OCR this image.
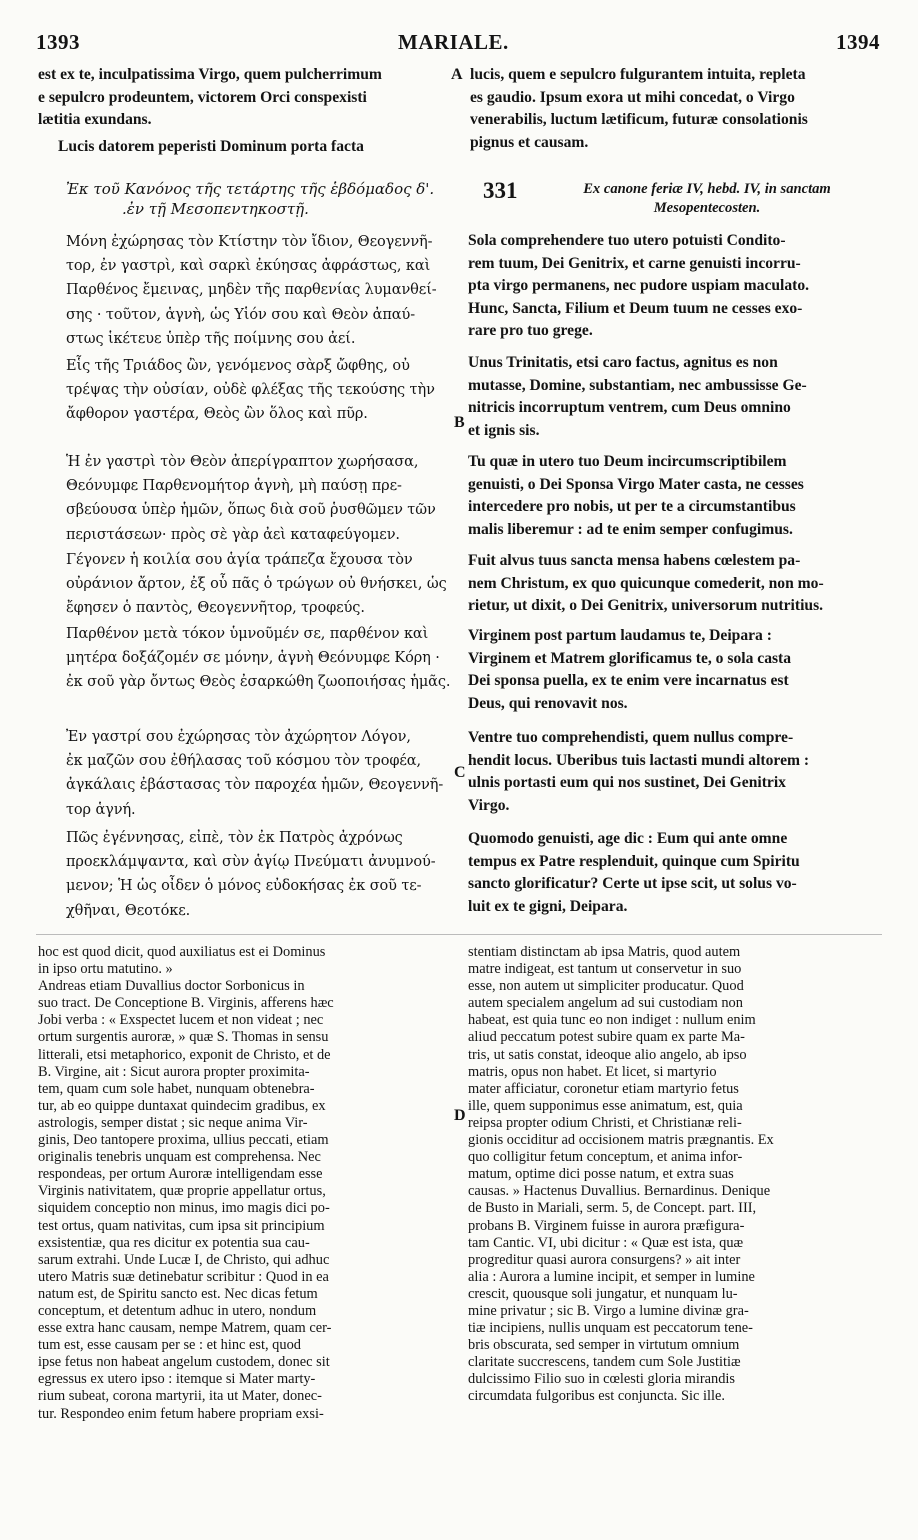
1393	MARIALE.	1394
A
B
C
D
est ex te, inculpatissima Virgo, quem pulcherrimum
e sepulcro prodeuntem, victorem Orci conspexisti
lætitia exundans.
Lucis datorem peperisti Dominum porta facta
lucis, quem e sepulcro fulgurantem intuita, repleta
es gaudio. Ipsum exora ut mihi concedat, o Virgo
venerabilis, luctum lætificum, futuræ consolationis
pignus et causam.
Ἐκ τοῦ Κανόνος τῆς τετάρτης τῆς ἑβδόμαδος δ'.
.ἐν τῇ Μεσοπεντηκοστῇ.
331	Ex canone feriæ IV, hebd. IV, in sanctam
Mesopentecosten.
Μόνη ἐχώρησας τὸν Κτίστην τὸν ἴδιον, Θεογεννῆ-
τορ, ἐν γαστρὶ, καὶ σαρκὶ ἐκύησας ἀφράστως, καὶ
Παρθένος ἔμεινας, μηδὲν τῆς παρθενίας λυμανθεί-
σης · τοῦτον, ἁγνὴ, ὡς Υἱόν σου καὶ Θεὸν ἀπαύ-
στως ἱκέτευε ὑπὲρ τῆς ποίμνης σου ἀεί.
Εἷς τῆς Τριάδος ὢν, γενόμενος σὰρξ ὤφθης, οὐ
τρέψας τὴν οὐσίαν, οὐδὲ φλέξας τῆς τεκούσης τὴν
ἄφθορον γαστέρα, Θεὸς ὢν ὅλος καὶ πῦρ.
Ἡ ἐν γαστρὶ τὸν Θεὸν ἀπερίγραπτον χωρήσασα,
Θεόνυμφε Παρθενομήτορ ἁγνὴ, μὴ παύσῃ πρε-
σβεύουσα ὑπὲρ ἡμῶν, ὅπως διὰ σοῦ ῥυσθῶμεν τῶν
περιστάσεων· πρὸς σὲ γὰρ ἀεὶ καταφεύγομεν.
Γέγονεν ἡ κοιλία σου ἁγία τράπεζα ἔχουσα τὸν
οὐράνιον ἄρτον, ἐξ οὗ πᾶς ὁ τρώγων οὐ θνήσκει, ὡς
ἔφησεν ὁ παντὸς, Θεογεννῆτορ, τροφεύς.
Παρθένον μετὰ τόκον ὑμνοῦμέν σε, παρθένον καὶ
μητέρα δοξάζομέν σε μόνην, ἁγνὴ Θεόνυμφε Κόρη ·
ἐκ σοῦ γὰρ ὄντως Θεὸς ἐσαρκώθη ζωοποιήσας ἡμᾶς.
Ἐν γαστρί σου ἐχώρησας τὸν ἀχώρητον Λόγον,
ἐκ μαζῶν σου ἐθήλασας τοῦ κόσμου τὸν τροφέα,
ἀγκάλαις ἐβάστασας τὸν παροχέα ἡμῶν, Θεογεννῆ-
τορ ἁγνή.
Πῶς ἐγέννησας, εἰπὲ, τὸν ἐκ Πατρὸς ἀχρόνως
προεκλάμψαντα, καὶ σὺν ἁγίῳ Πνεύματι ἀνυμνού-
μενον; Ἡ ὡς οἶδεν ὁ μόνος εὐδοκήσας ἐκ σοῦ τε-
χθῆναι, Θεοτόκε.
Sola comprehendere tuo utero potuisti Condito-
rem tuum, Dei Genitrix, et carne genuisti incorru-
pta virgo permanens, nec pudore uspiam maculato.
Hunc, Sancta, Filium et Deum tuum ne cesses exo-
rare pro tuo grege.
Unus Trinitatis, etsi caro factus, agnitus es non
mutasse, Domine, substantiam, nec ambussisse Ge-
nitricis incorruptum ventrem, cum Deus omnino
et ignis sis.
Tu quæ in utero tuo Deum incircumscriptibilem
genuisti, o Dei Sponsa Virgo Mater casta, ne cesses
intercedere pro nobis, ut per te a circumstantibus
malis liberemur : ad te enim semper confugimus.
Fuit alvus tuus sancta mensa habens cœlestem pa-
nem Christum, ex quo quicunque comederit, non mo-
rietur, ut dixit, o Dei Genitrix, universorum nutritius.
Virginem post partum laudamus te, Deipara :
Virginem et Matrem glorificamus te, o sola casta
Dei sponsa puella, ex te enim vere incarnatus est
Deus, qui renovavit nos.
Ventre tuo comprehendisti, quem nullus compre-
hendit locus. Uberibus tuis lactasti mundi altorem :
ulnis portasti eum qui nos sustinet, Dei Genitrix
Virgo.
Quomodo genuisti, age dic : Eum qui ante omne
tempus ex Patre resplenduit, quinque cum Spiritu
sancto glorificatur? Certe ut ipse scit, ut solus vo-
luit ex te gigni, Deipara.
hoc est quod dicit, quod auxiliatus est ei Dominus
in ipso ortu matutino. »
Andreas etiam Duvallius doctor Sorbonicus in
suo tract. De Conceptione B. Virginis, afferens hæc
Jobi verba : « Exspectet lucem et non videat ; nec
ortum surgentis auroræ, » quæ S. Thomas in sensu
litterali, etsi metaphorico, exponit de Christo, et de
B. Virgine, ait : Sicut aurora propter proximita-
tem, quam cum sole habet, nunquam obtenebra-
tur, ab eo quippe duntaxat quindecim gradibus, ex
astrologis, semper distat ; sic neque anima Vir-
ginis, Deo tantopere proxima, ullius peccati, etiam
originalis tenebris unquam est comprehensa. Nec
respondeas, per ortum Auroræ intelligendam esse
Virginis nativitatem, quæ proprie appellatur ortus,
siquidem conceptio non minus, imo magis dici po-
test ortus, quam nativitas, cum ipsa sit principium
exsistentiæ, qua res dicitur ex potentia sua cau-
sarum extrahi. Unde Lucæ I, de Christo, qui adhuc
utero Matris suæ detinebatur scribitur : Quod in ea
natum est, de Spiritu sancto est. Nec dicas fetum
conceptum, et detentum adhuc in utero, nondum
esse extra hanc causam, nempe Matrem, quam cer-
tum est, esse causam per se : et hinc est, quod
ipse fetus non habeat angelum custodem, donec sit
egressus ex utero ipso : itemque si Mater marty-
rium subeat, corona martyrii, ita ut Mater, donec-
tur. Respondeo enim fetum habere propriam exsi-
stentiam distinctam ab ipsa Matris, quod autem
matre indigeat, est tantum ut conservetur in suo
esse, non autem ut simpliciter producatur. Quod
autem specialem angelum ad sui custodiam non
habeat, est quia tunc eo non indiget : nullum enim
aliud peccatum potest subire quam ex parte Ma-
tris, ut satis constat, ideoque alio angelo, ab ipso
matris, opus non habet. Et licet, si martyrio
mater afficiatur, coronetur etiam martyrio fetus
ille, quem supponimus esse animatum, est, quia
reipsa propter odium Christi, et Christianæ reli-
gionis occiditur ad occisionem matris prægnantis. Ex
quo colligitur fetum conceptum, et anima infor-
matum, optime dici posse natum, et extra suas
causas. » Hactenus Duvallius. Bernardinus. Denique
de Busto in Mariali, serm. 5, de Concept. part. III,
probans B. Virginem fuisse in aurora præfigura-
tam Cantic. VI, ubi dicitur : « Quæ est ista, quæ
progreditur quasi aurora consurgens? » ait inter
alia : Aurora a lumine incipit, et semper in lumine
crescit, quousque soli jungatur, et nunquam lu-
mine privatur ; sic B. Virgo a lumine divinæ gra-
tiæ incipiens, nullis unquam est peccatorum tene-
bris obscurata, sed semper in virtutum omnium
claritate succrescens, tandem cum Sole Justitiæ
dulcissimo Filio suo in cœlesti gloria mirandis
circumdata fulgoribus est conjuncta. Sic ille.
